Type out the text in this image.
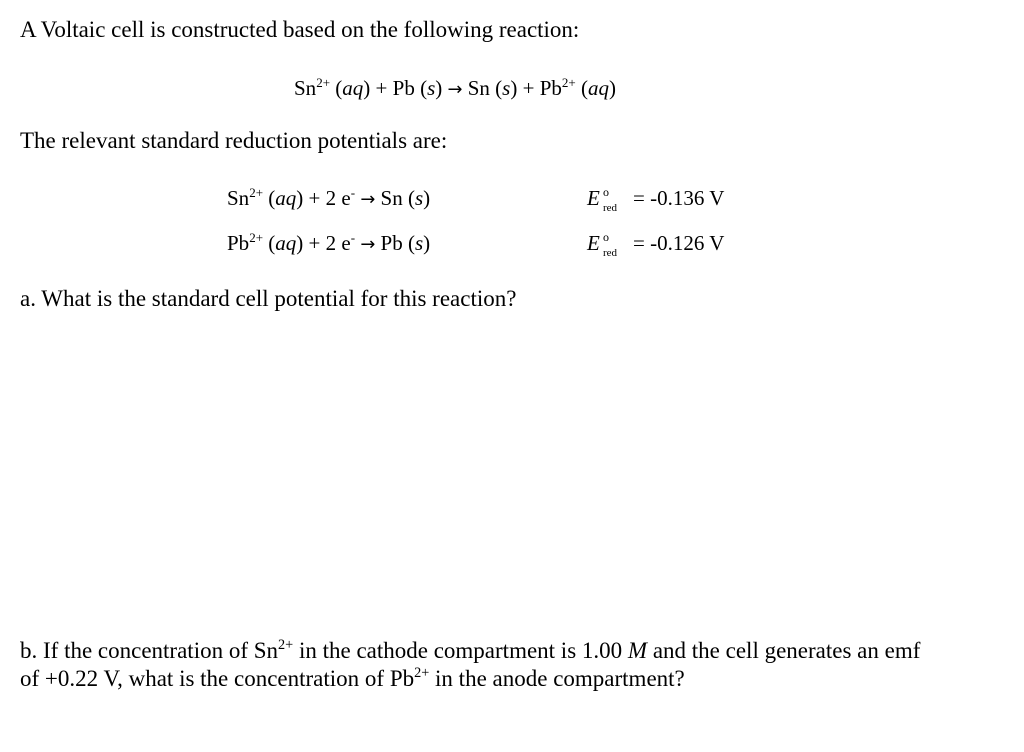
A Voltaic cell is constructed based on the following reaction:
$Sn^{2+}$ (aq) + Pb (s) → Sn $(s) + Pb^{2+}$ (aq)
The relevant standard reduction potentials are:
$Sn^{2+}$ (aq) + 2 e- → Sn (s)	E o
red = -0.136 V
$Pb^{2+}$ (aq) + 2 e- → Pb (s)	E o
red = -0.126 V
a. What is the standard cell potential for this reaction?
b. If the concentration of $Sn^{2+}$ in the cathode compartment is 1.00 M and the cell generates an emf
of +0.22 V, what is the concentration of $Pb^{2+}$ in the anode compartment?
